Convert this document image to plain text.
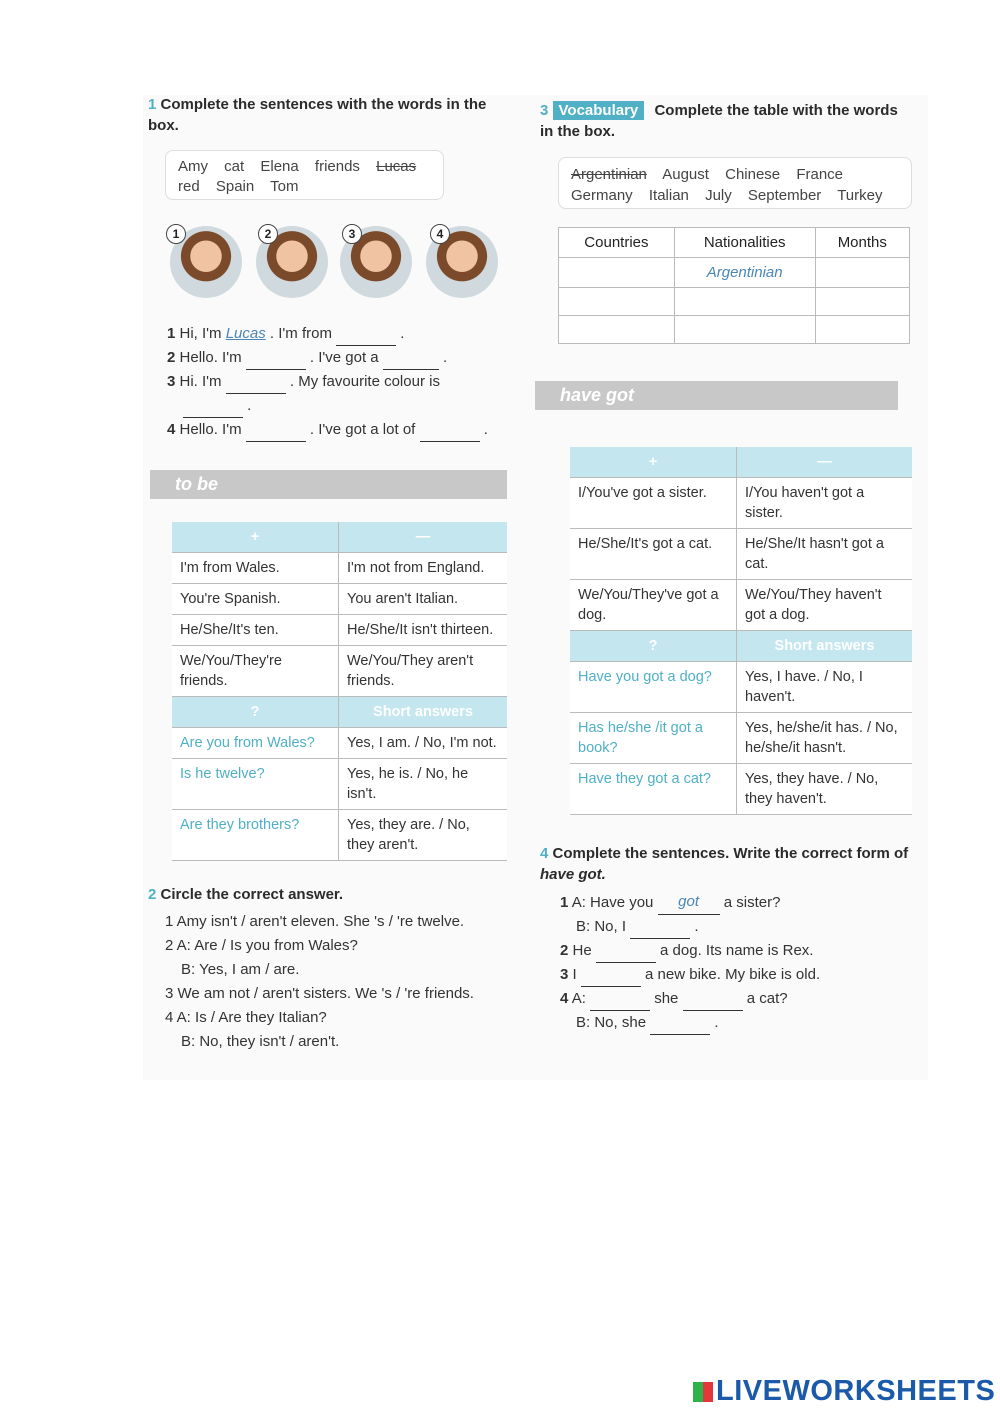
1 Complete the sentences with the words in the box.
Amy cat Elena friends Lucas
red Spain Tom
1	2	3	4
1 Hi, I'm Lucas . I'm from	.
2 Hello. I'm	. I've got a	.
3 Hi. I'm	. My favourite colour is
.
4 Hello. I'm	. I've got a lot of	.
3 Vocabulary Complete the table with the words in the box.
Argentinian August Chinese France
Germany Italian July September Turkey
Countries	Nationalities	Months
	Argentinian	

to be
+	—
I'm from Wales.	I'm not from England.
You're Spanish.	You aren't Italian.
He/She/It's ten.	He/She/It isn't thirteen.
We/You/They're friends.	We/You/They aren't friends.
?	Short answers
Are you from Wales?	Yes, I am. / No, I'm not.
Is he twelve?	Yes, he is. / No, he isn't.
Are they brothers?	Yes, they are. / No, they aren't.
have got
+	—
I/You've got a sister.	I/You haven't got a sister.
He/She/It's got a cat.	He/She/It hasn't got a cat.
We/You/They've got a dog.	We/You/They haven't got a dog.
?	Short answers
Have you got a dog?	Yes, I have. / No, I haven't.
Has he/she /it got a book?	Yes, he/she/it has. / No, he/she/it hasn't.
Have they got a cat?	Yes, they have. / No, they haven't.
2 Circle the correct answer.
1 Amy isn't / aren't eleven. She 's / 're twelve.
2 A: Are / Is you from Wales?
B: Yes, I am / are.
3 We am not / aren't sisters. We 's / 're friends.
4 A: Is / Are they Italian?
B: No, they isn't / aren't.
4 Complete the sentences. Write the correct form of have got.
1 A: Have you got a sister?
B: No, I	.
2 He	a dog. Its name is Rex.
3 I	a new bike. My bike is old.
4 A:	she	a cat?
B: No, she	.
LIVEWORKSHEETS
